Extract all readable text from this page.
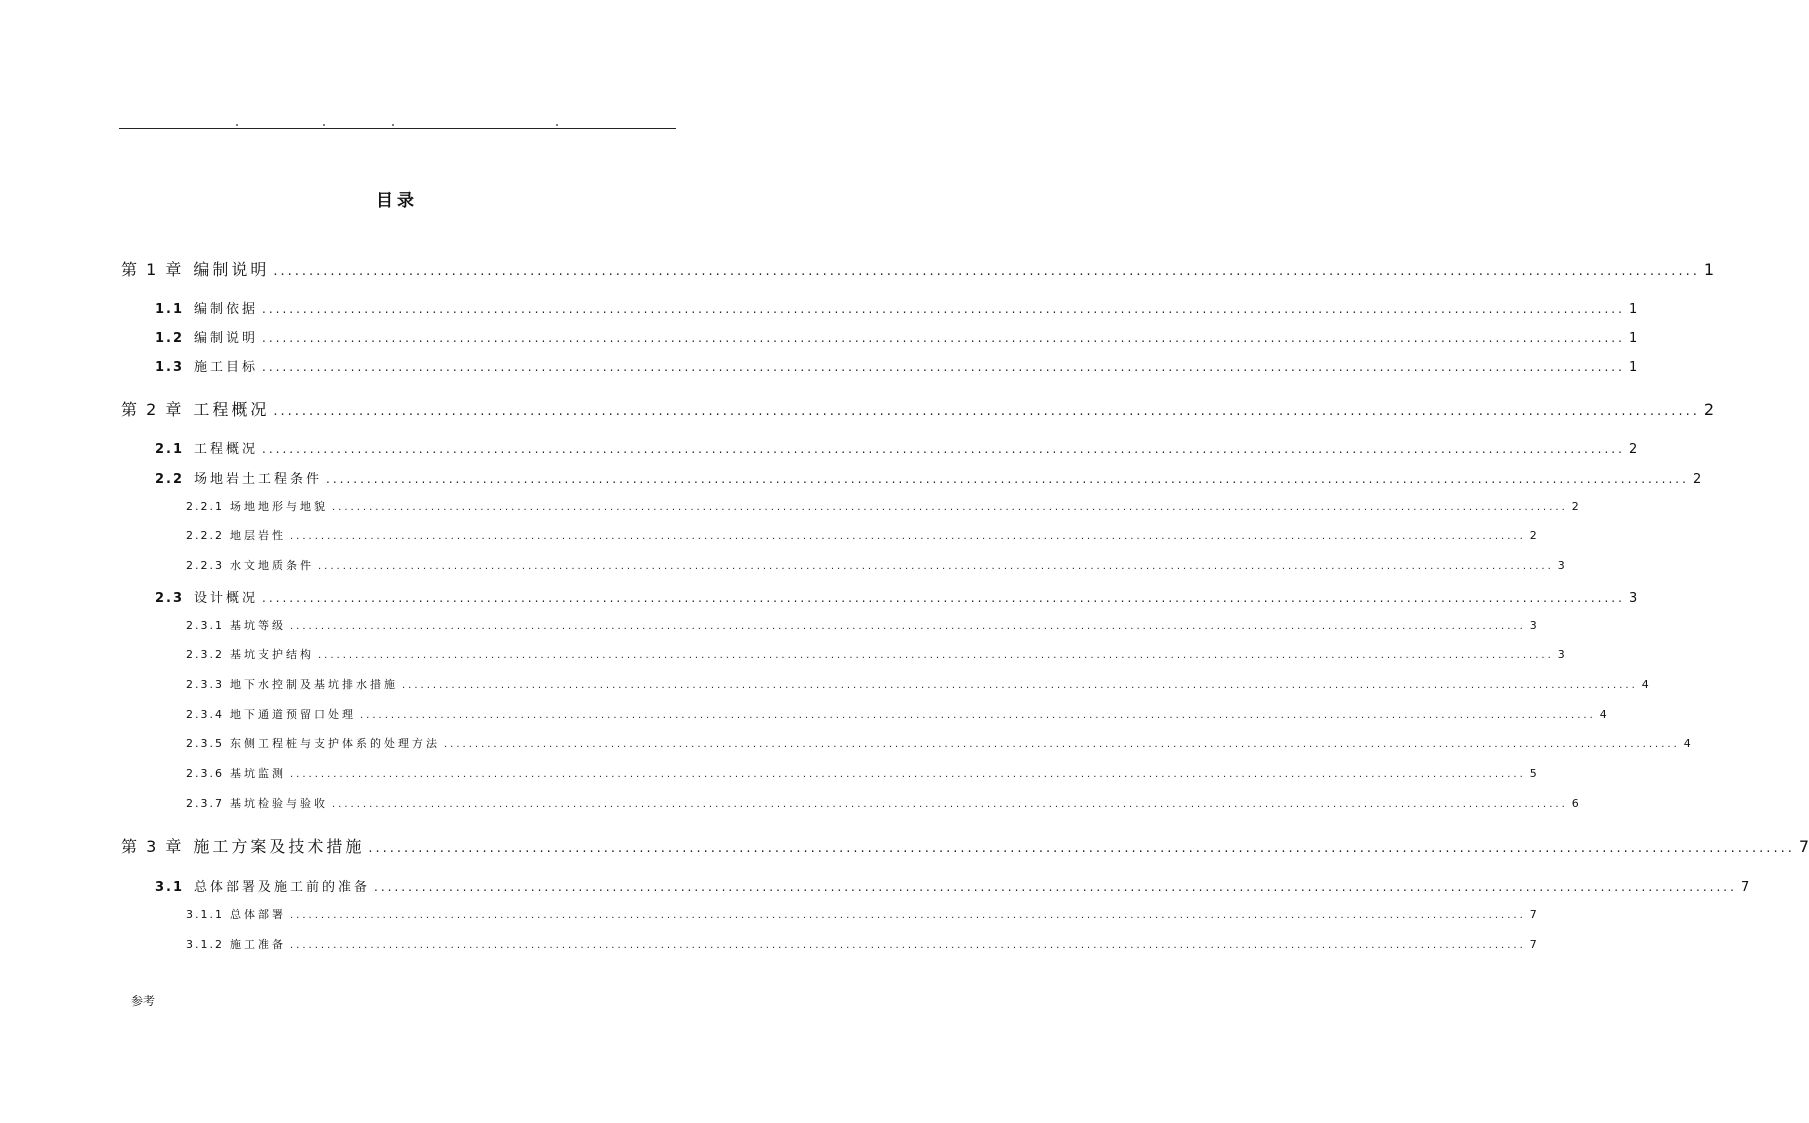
目录
第 1 章 编制说明 ........................................................................................................................................................................................................ 1
1.1 编制依据 ........................................................................................................................................................................................................ 1
1.2 编制说明 ........................................................................................................................................................................................................ 1
1.3 施工目标 ........................................................................................................................................................................................................ 1
第 2 章 工程概况 ........................................................................................................................................................................................................ 2
2.1 工程概况 ........................................................................................................................................................................................................ 2
2.2 场地岩土工程条件 ........................................................................................................................................................................................................ 2
2.2.1 场地地形与地貌 ........................................................................................................................................................................................................ 2
2.2.2 地层岩性 ........................................................................................................................................................................................................ 2
2.2.3 水文地质条件 ........................................................................................................................................................................................................ 3
2.3 设计概况 ........................................................................................................................................................................................................ 3
2.3.1 基坑等级 ........................................................................................................................................................................................................ 3
2.3.2 基坑支护结构 ........................................................................................................................................................................................................ 3
2.3.3 地下水控制及基坑排水措施 ........................................................................................................................................................................................................ 4
2.3.4 地下通道预留口处理 ........................................................................................................................................................................................................ 4
2.3.5 东侧工程桩与支护体系的处理方法 ........................................................................................................................................................................................................ 4
2.3.6 基坑监测 ........................................................................................................................................................................................................ 5
2.3.7 基坑检验与验收 ........................................................................................................................................................................................................ 6
第 3 章 施工方案及技术措施 ........................................................................................................................................................................................................ 7
3.1 总体部署及施工前的准备 ........................................................................................................................................................................................................ 7
3.1.1 总体部署 ........................................................................................................................................................................................................ 7
3.1.2 施工准备 ........................................................................................................................................................................................................ 7
参考
